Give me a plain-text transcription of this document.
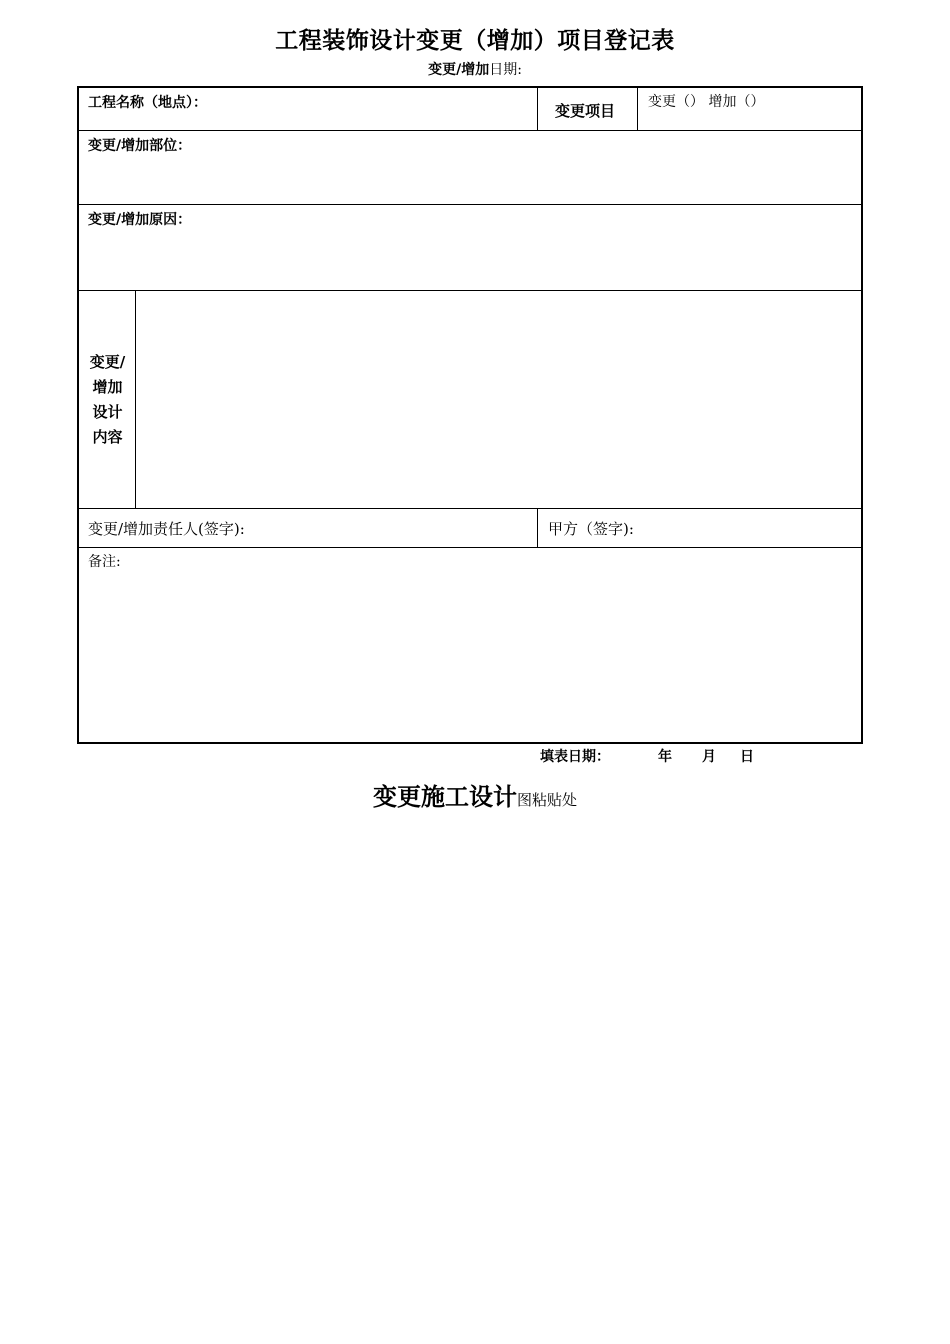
工程装饰设计变更（增加）项目登记表
变更/增加日期:
工程名称（地点）：	变更项目 变更（） 增加（）
变更/增加部位：
变更/增加原因：
变更/增加设计内容
变更/增加责任人(签字):	甲方（签字):
备注:
填表日期：	年 月 日
变更施工设计图粘贴处
